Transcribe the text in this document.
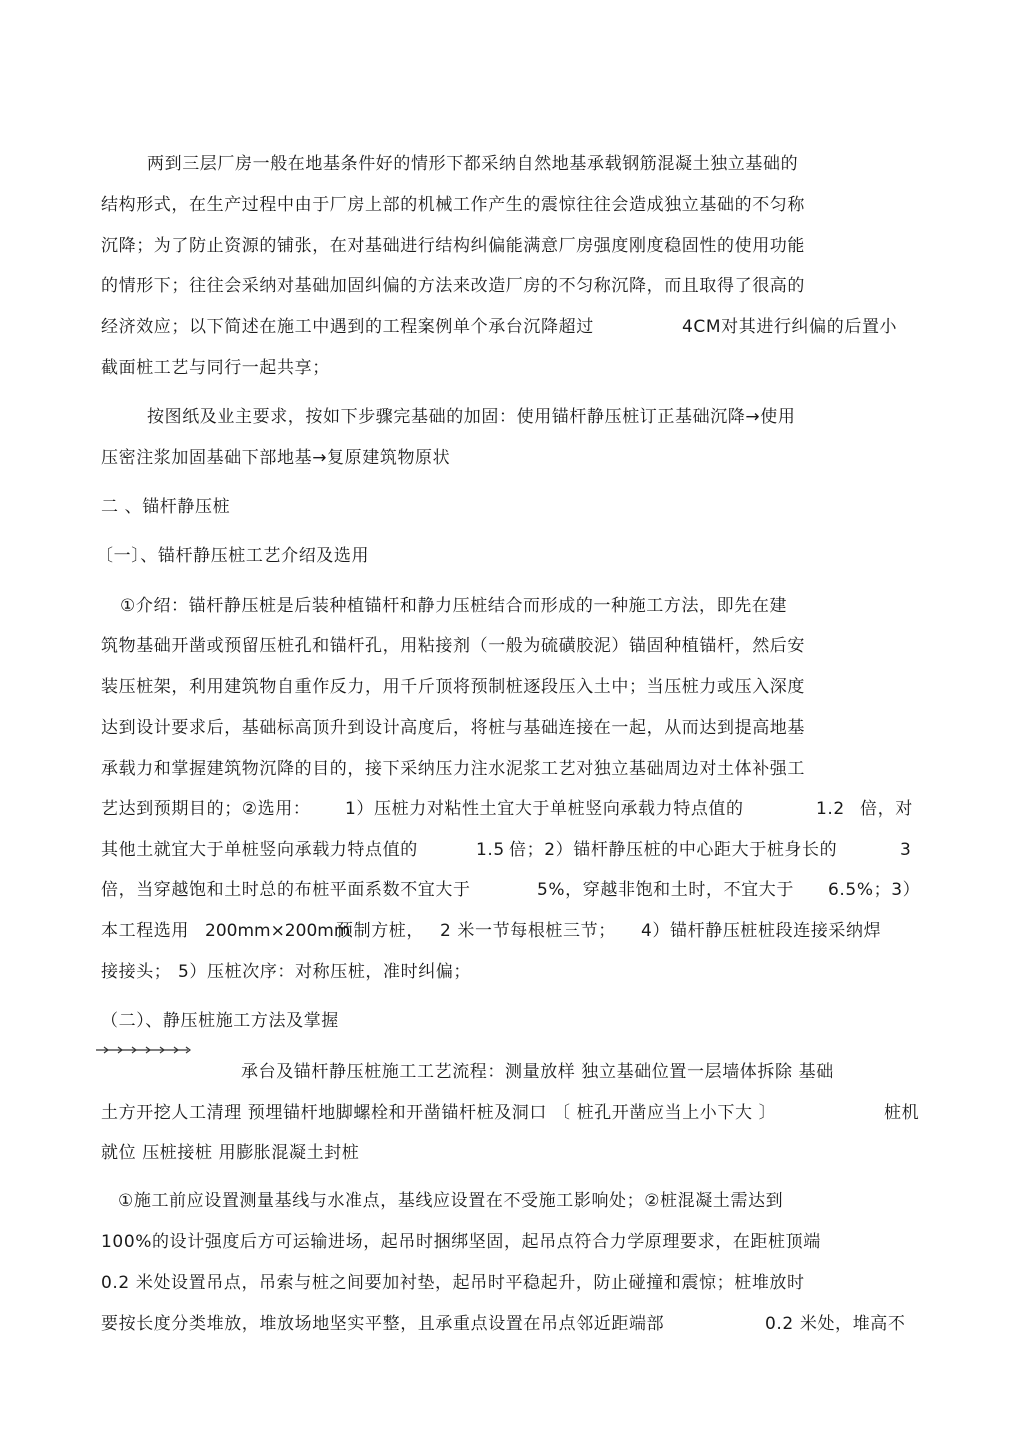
两到三层厂房一般在地基条件好的情形下都采纳自然地基承载钢筋混凝土独立基础的
结构形式，在生产过程中由于厂房上部的机械工作产生的震惊往往会造成独立基础的不匀称
沉降；为了防止资源的铺张，在对基础进行结构纠偏能满意厂房强度刚度稳固性的使用功能
的情形下；往往会采纳对基础加固纠偏的方法来改造厂房的不匀称沉降，而且取得了很高的
经济效应；以下简述在施工中遇到的工程案例单个承台沉降超过	4CM对其进行纠偏的后置小
截面桩工艺与同行一起共享；
按图纸及业主要求，按如下步骤完基础的加固：使用锚杆静压桩订正基础沉降→使用
压密注浆加固基础下部地基→复原建筑物原状
二 、锚杆静压桩
〔一〕、锚杆静压桩工艺介绍及选用
①介绍：锚杆静压桩是后装种植锚杆和静力压桩结合而形成的一种施工方法，即先在建
筑物基础开凿或预留压桩孔和锚杆孔，用粘接剂（一般为硫磺胶泥）锚固种植锚杆，然后安
装压桩架，利用建筑物自重作反力，用千斤顶将预制桩逐段压入土中；当压桩力或压入深度
达到设计要求后，基础标高顶升到设计高度后，将桩与基础连接在一起，从而达到提高地基
承载力和掌握建筑物沉降的目的，接下采纳压力注水泥浆工艺对独立基础周边对土体补强工
艺达到预期目的；②选用： 1）压桩力对粘性土宜大于单桩竖向承载力特点值的	1.2 倍，对
其他土就宜大于单桩竖向承载力特点值的	1.5 倍；2）锚杆静压桩的中心距大于桩身长的	3
倍，当穿越饱和土时总的布桩平面系数不宜大于	5%，穿越非饱和土时，不宜大于 6.5%；3）
本工程选用 200mm×200mm
预制方桩， 2 米一节每根桩三节； 4）锚杆静压桩桩段连接采纳焊
接接头； 5）压桩次序：对称压桩，准时纠偏；
（二）、静压桩施工方法及掌握
承台及锚杆静压桩施工工艺流程：测量放样 独立基础位置一层墙体拆除 基础
土方开挖人工清理 预埋锚杆地脚螺栓和开凿锚杆桩及洞口 〔 桩孔开凿应当上小下大 〕	桩机
就位 压桩接桩 用膨胀混凝土封桩
①施工前应设置测量基线与水准点，基线应设置在不受施工影响处；②桩混凝土需达到
100%的设计强度后方可运输进场，起吊时捆绑坚固，起吊点符合力学原理要求，在距桩顶端
0.2 米处设置吊点，吊索与桩之间要加衬垫，起吊时平稳起升，防止碰撞和震惊；桩堆放时
要按长度分类堆放，堆放场地坚实平整，且承重点设置在吊点邻近距端部	0.2 米处，堆高不
